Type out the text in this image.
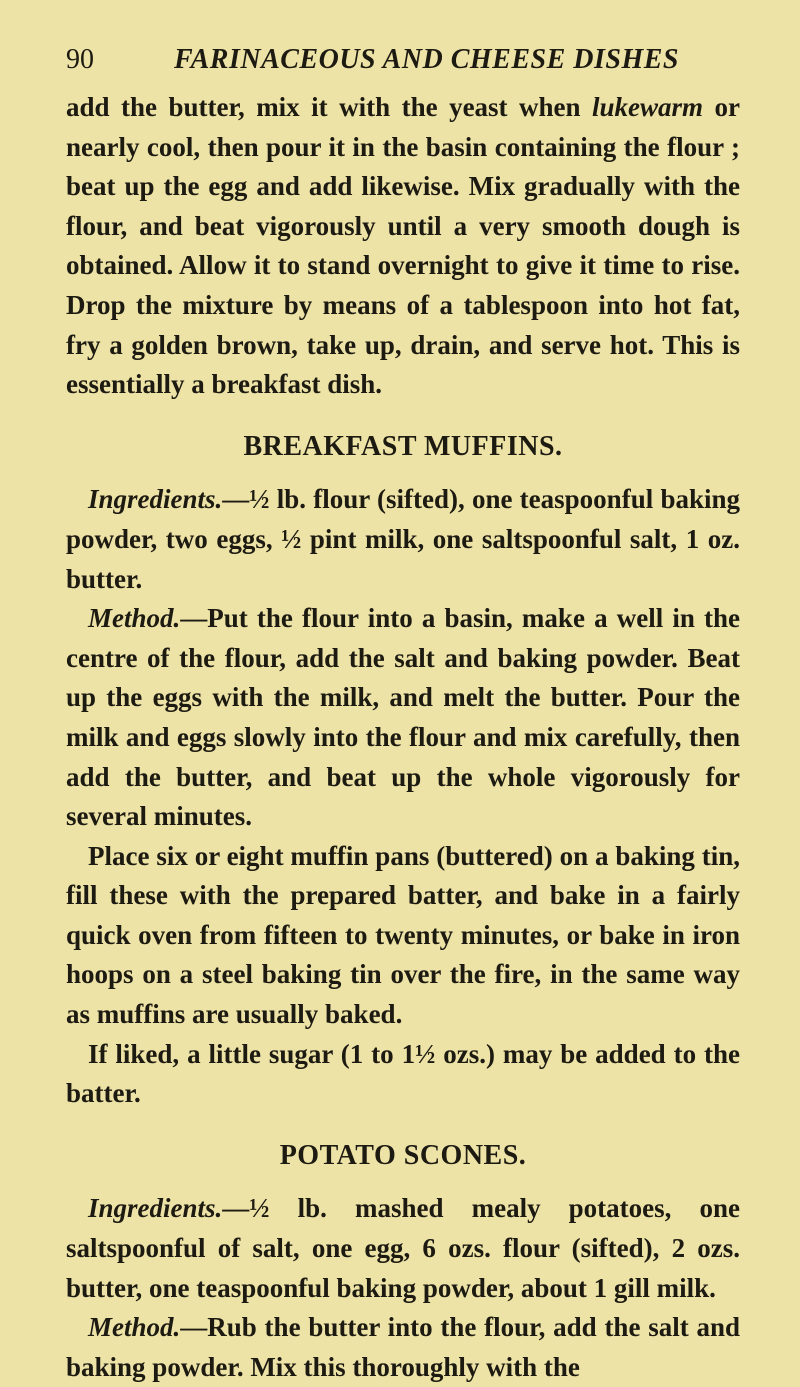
90	FARINACEOUS AND CHEESE DISHES

add the butter, mix it with the yeast when lukewarm or nearly cool, then pour it in the basin containing the flour ; beat up the egg and add likewise. Mix gradually with the flour, and beat vigorously until a very smooth dough is obtained. Allow it to stand overnight to give it time to rise. Drop the mixture by means of a tablespoon into hot fat, fry a golden brown, take up, drain, and serve hot. This is essentially a breakfast dish.

BREAKFAST MUFFINS.

Ingredients.—½ lb. flour (sifted), one teaspoonful baking powder, two eggs, ½ pint milk, one saltspoonful salt, 1 oz. butter.

Method.—Put the flour into a basin, make a well in the centre of the flour, add the salt and baking powder. Beat up the eggs with the milk, and melt the butter. Pour the milk and eggs slowly into the flour and mix carefully, then add the butter, and beat up the whole vigorously for several minutes.

Place six or eight muffin pans (buttered) on a baking tin, fill these with the prepared batter, and bake in a fairly quick oven from fifteen to twenty minutes, or bake in iron hoops on a steel baking tin over the fire, in the same way as muffins are usually baked.

If liked, a little sugar (1 to 1½ ozs.) may be added to the batter.

POTATO SCONES.

Ingredients.—½ lb. mashed mealy potatoes, one saltspoonful of salt, one egg, 6 ozs. flour (sifted), 2 ozs. butter, one teaspoonful baking powder, about 1 gill milk.

Method.—Rub the butter into the flour, add the salt and baking powder. Mix this thoroughly with the
